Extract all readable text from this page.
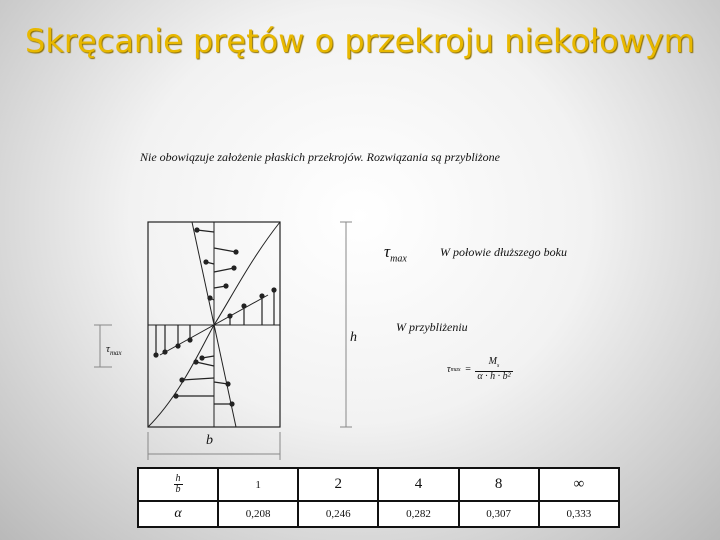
Skręcanie prętów o przekroju niekołowym
Nie obowiązuje założenie płaskich przekrojów. Rozwiązania są przybliżone
$\tau_{max}$
h
b
$\tau_{max}$	W połowie dłuższego boku
W przybliżeniu
τ $\max = \frac{M_s}{\text{α · h · b²}}$
$\frac{h}{b}$	1	2	4	8	∞
α	0,208	0,246	0,282	0,307	0,333
